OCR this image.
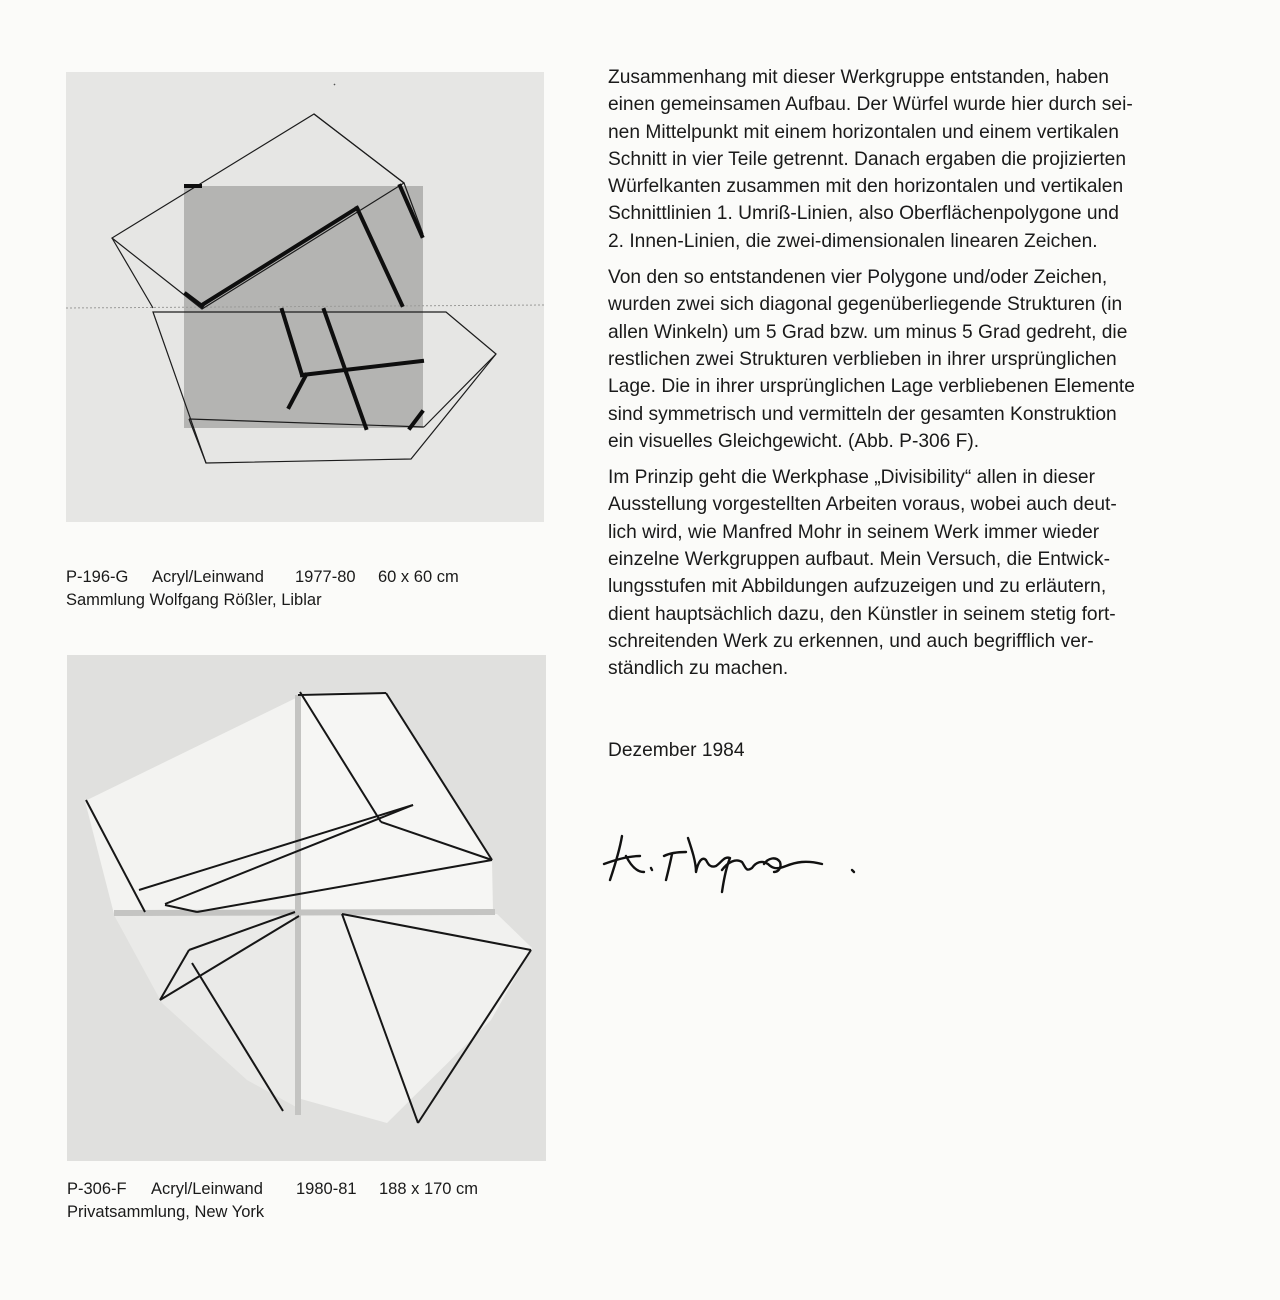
P-196-G Acryl/Leinwand 1977-80 60 x 60 cm
Sammlung Wolfgang Rößler, Liblar
P-306-F Acryl/Leinwand 1980-81 188 x 170 cm
Privatsammlung, New York

Zusammenhang mit dieser Werkgruppe entstanden, haben
einen gemeinsamen Aufbau. Der Würfel wurde hier durch sei-
nen Mittelpunkt mit einem horizontalen und einem vertikalen
Schnitt in vier Teile getrennt. Danach ergaben die projizierten
Würfelkanten zusammen mit den horizontalen und vertikalen
Schnittlinien 1. Umriß-Linien, also Oberflächenpolygone und
2. Innen-Linien, die zwei-dimensionalen linearen Zeichen.

Von den so entstandenen vier Polygone und/oder Zeichen,
wurden zwei sich diagonal gegenüberliegende Strukturen (in
allen Winkeln) um 5 Grad bzw. um minus 5 Grad gedreht, die
restlichen zwei Strukturen verblieben in ihrer ursprünglichen
Lage. Die in ihrer ursprünglichen Lage verbliebenen Elemente
sind symmetrisch und vermitteln der gesamten Konstruktion
ein visuelles Gleichgewicht. (Abb. P-306 F).

Im Prinzip geht die Werkphase „Divisibility“ allen in dieser
Ausstellung vorgestellten Arbeiten voraus, wobei auch deut-
lich wird, wie Manfred Mohr in seinem Werk immer wieder
einzelne Werkgruppen aufbaut. Mein Versuch, die Entwick-
lungsstufen mit Abbildungen aufzuzeigen und zu erläutern,
dient hauptsächlich dazu, den Künstler in seinem stetig fort-
schreitenden Werk zu erkennen, und auch begrifflich ver-
ständlich zu machen.

Dezember 1984
